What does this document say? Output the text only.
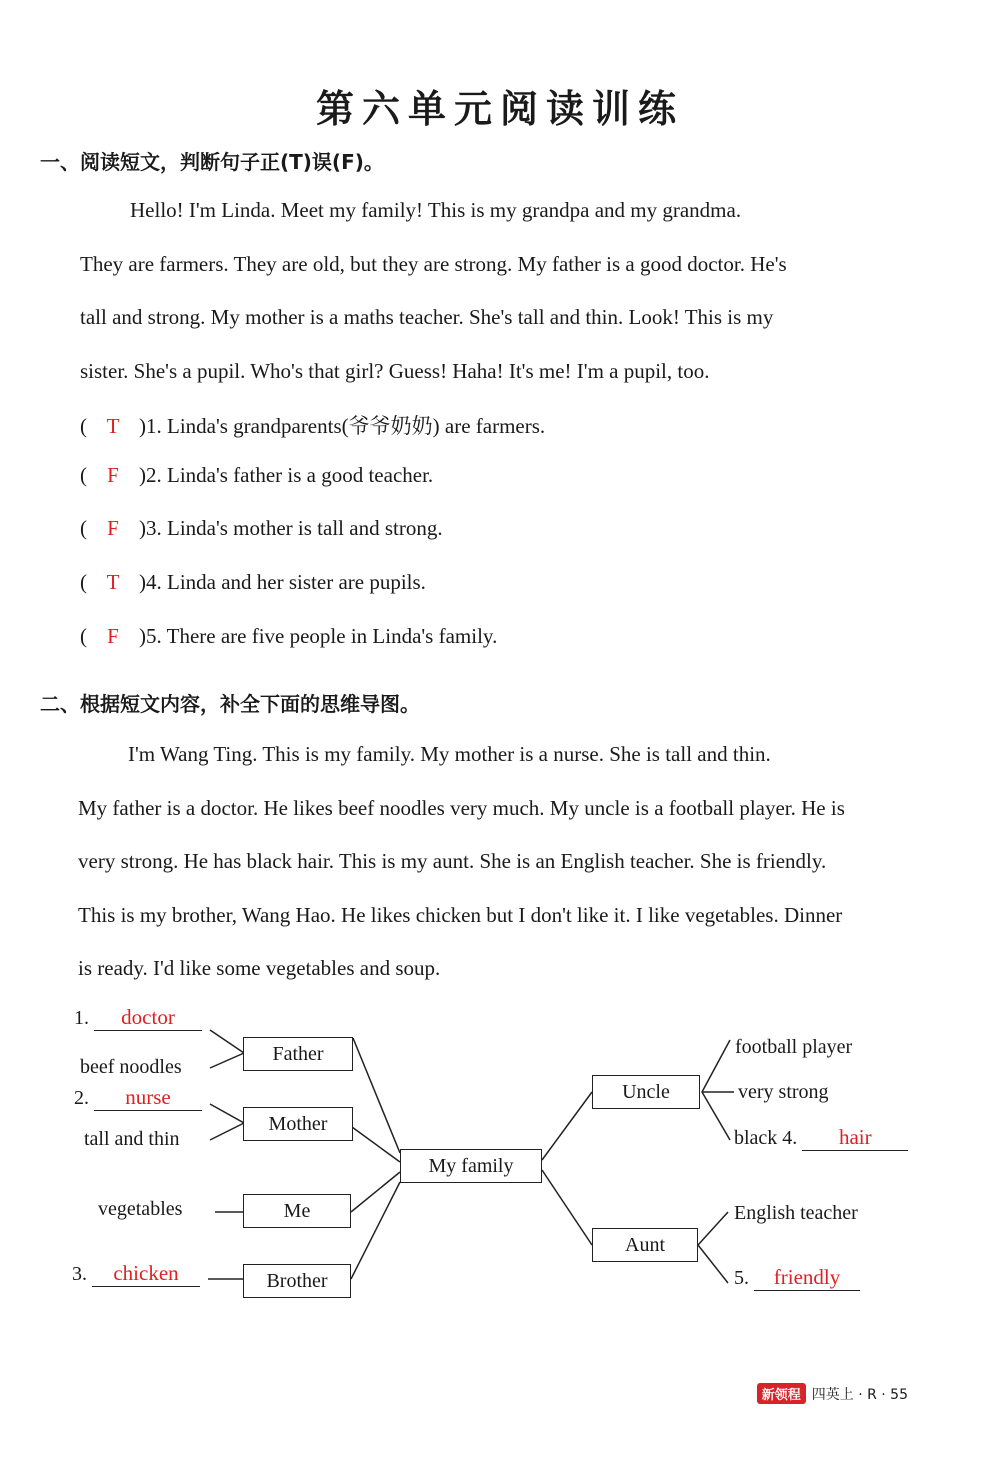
第六单元阅读训练
一、阅读短文，判断句子正(T)误(F)。
Hello! I'm Linda. Meet my family! This is my grandpa and my grandma.
They are farmers. They are old, but they are strong. My father is a good doctor. He's
tall and strong. My mother is a maths teacher. She's tall and thin. Look! This is my
sister. She's a pupil. Who's that girl? Guess! Haha! It's me! I'm a pupil, too.
( T )1. Linda's grandparents(爷爷奶奶) are farmers.
( F )2. Linda's father is a good teacher.
( F )3. Linda's mother is tall and strong.
( T )4. Linda and her sister are pupils.
( F )5. There are five people in Linda's family.
二、根据短文内容，补全下面的思维导图。
I'm Wang Ting. This is my family. My mother is a nurse. She is tall and thin.
My father is a doctor. He likes beef noodles very much. My uncle is a football player. He is
very strong. He has black hair. This is my aunt. She is an English teacher. She is friendly.
This is my brother, Wang Hao. He likes chicken but I don't like it. I like vegetables. Dinner
is ready. I'd like some vegetables and soup.
Father
Mother
Me
Brother
My family
Uncle
Aunt
1. doctor
beef noodles
2. nurse
tall and thin
vegetables
3. chicken
football player
very strong
black 4. hair
English teacher
5. friendly
新领程 四英上 · R · 55
